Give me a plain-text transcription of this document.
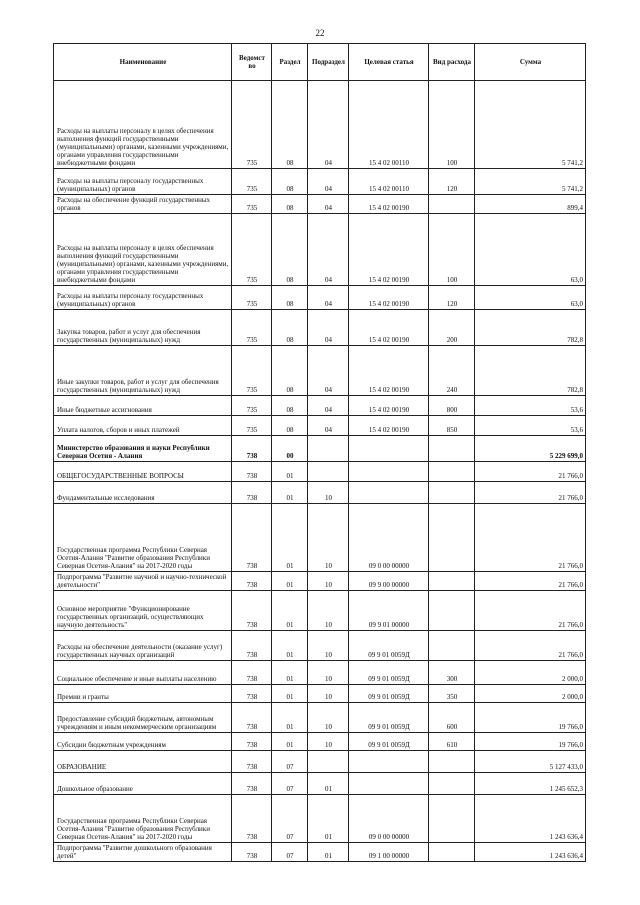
22
Наименование	Ведомст во	Раздел	Подраздел	Целевая статья	Вид расхода	Сумма
Расходы на выплаты персоналу в целях обеспечения выполнения функций государственными (муниципальными) органами, казенными учреждениями, органами управления государственными внебюджетными фондами	735	08	04	15 4 02 00110	100	5 741,2
Расходы на выплаты персоналу государственных (муниципальных) органов	735	08	04	15 4 02 00110	120	5 741,2
Расходы на обеспечение функций государственных органов	735	08	04	15 4 02 00190		899,4
Расходы на выплаты персоналу в целях обеспечения выполнения функций государственными (муниципальными) органами, казенными учреждениями, органами управления государственными внебюджетными фондами	735	08	04	15 4 02 00190	100	63,0
Расходы на выплаты персоналу государственных (муниципальных) органов	735	08	04	15 4 02 00190	120	63,0
Закупка товаров, работ и услуг для обеспечения государственных (муниципальных) нужд	735	08	04	15 4 02 00190	200	782,8
Иные закупки товаров, работ и услуг для обеспечения государственных (муниципальных) нужд	735	08	04	15 4 02 00190	240	782,8
Иные бюджетные ассигнования	735	08	04	15 4 02 00190	800	53,6
Уплата налогов, сборов и иных платежей	735	08	04	15 4 02 00190	850	53,6
Министерство образования и науки Республики Северная Осетия - Алания	738	00				5 229 699,0
ОБЩЕГОСУДАРСТВЕННЫЕ ВОПРОСЫ	738	01				21 766,0
Фундаментальные исследования	738	01	10			21 766,0
Государственная программа Республики Северная Осетия-Алания "Развитие образования Республики Северная Осетия-Алания" на 2017-2020 годы	738	01	10	09 0 00 00000		21 766,0
Подпрограмма "Развитие научной и научно-технической деятельности"	738	01	10	09 9 00 00000		21 766,0
Основное мероприятие "Функционирование государственных организаций, осуществляющих научную деятельность"	738	01	10	09 9 01 00000		21 766,0
Расходы на обеспечение деятельности (оказание услуг) государственных научных организаций	738	01	10	09 9 01 0059Д		21 766,0
Социальное обеспечение и иные выплаты населению	738	01	10	09 9 01 0059Д	300	2 000,0
Премии и гранты	738	01	10	09 9 01 0059Д	350	2 000,0
Предоставление субсидий бюджетным, автономным учреждениям и иным некоммерческим организациям	738	01	10	09 9 01 0059Д	600	19 766,0
Субсидии бюджетным учреждениям	738	01	10	09 9 01 0059Д	610	19 766,0
ОБРАЗОВАНИЕ	738	07				5 127 433,0
Дошкольное образование	738	07	01			1 245 652,3
Государственная программа Республики Северная Осетия-Алания "Развитие образования Республики Северная Осетия-Алания" на 2017-2020 годы	738	07	01	09 0 00 00000		1 243 636,4
Подпрограмма "Развитие дошкольного образования детей"	738	07	01	09 1 00 00000		1 243 636,4
